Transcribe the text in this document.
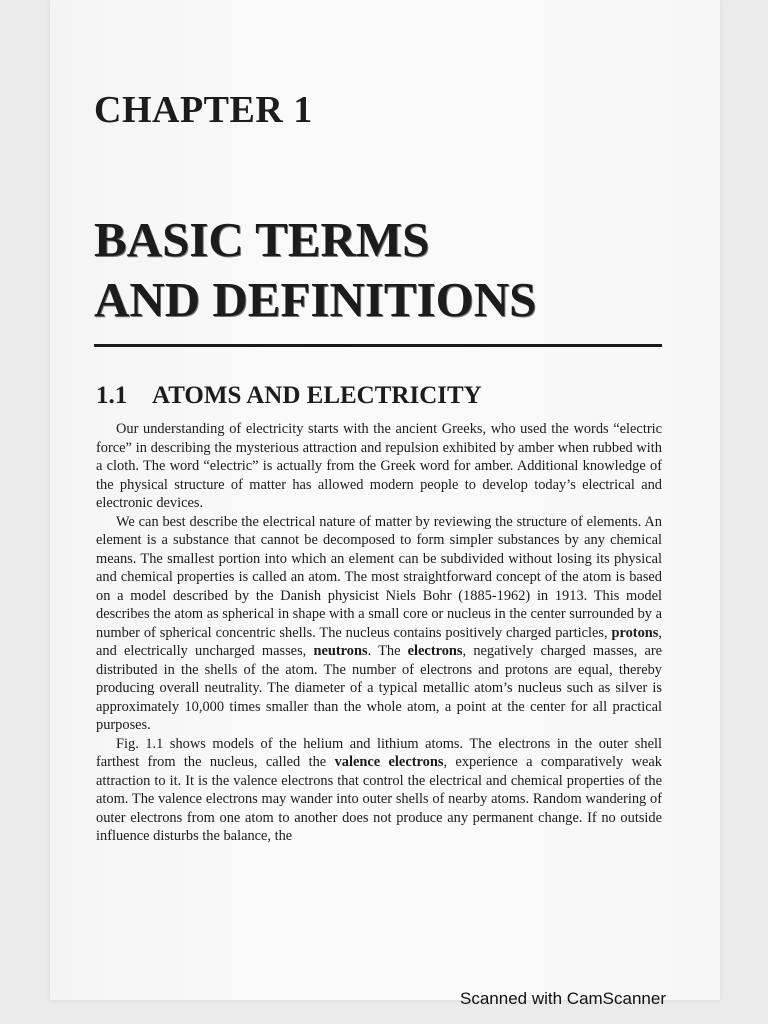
CHAPTER 1
BASIC TERMS
AND DEFINITIONS
1.1 ATOMS AND ELECTRICITY

Our understanding of electricity starts with the ancient Greeks, who used the words “electric force” in describing the mysterious attraction and repulsion exhibited by amber when rubbed with a cloth. The word “electric” is actually from the Greek word for amber. Additional knowledge of the physical structure of matter has allowed modern people to develop today’s electrical and electronic devices.

We can best describe the electrical nature of matter by reviewing the structure of elements. An element is a substance that cannot be decomposed to form simpler substances by any chemical means. The smallest portion into which an element can be subdivided without losing its physical and chemical properties is called an atom. The most straightforward concept of the atom is based on a model described by the Danish physicist Niels Bohr (1885-1962) in 1913. This model describes the atom as spherical in shape with a small core or nucleus in the center surrounded by a number of spherical concentric shells. The nucleus contains positively charged particles, protons, and electrically uncharged masses, neutrons. The electrons, negatively charged masses, are distributed in the shells of the atom. The number of electrons and protons are equal, thereby producing overall neutrality. The diameter of a typical metallic atom’s nucleus such as silver is approximately 10,000 times smaller than the whole atom, a point at the center for all practical purposes.

Fig. 1.1 shows models of the helium and lithium atoms. The electrons in the outer shell farthest from the nucleus, called the valence electrons, experience a comparatively weak attraction to it. It is the valence electrons that control the electrical and chemical properties of the atom. The valence electrons may wander into outer shells of nearby atoms. Random wandering of outer electrons from one atom to another does not produce any permanent change. If no outside influence disturbs the balance, the

Scanned with CamScanner
